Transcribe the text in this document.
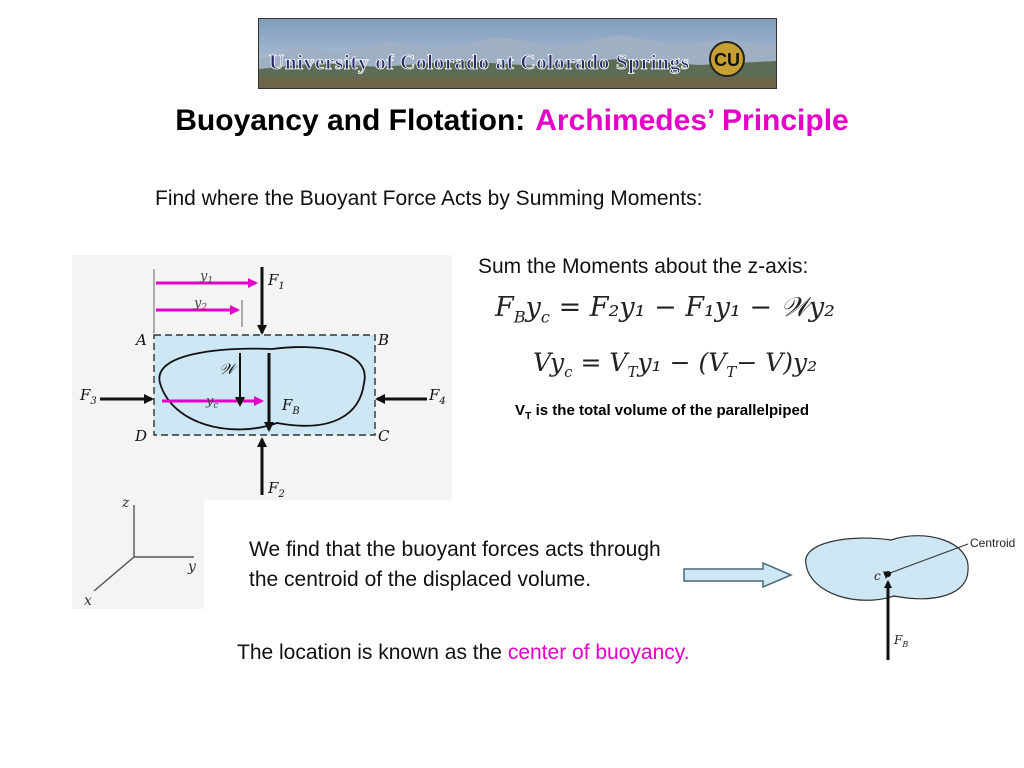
University of Colorado at Colorado Springs CU
Buoyancy and Flotation: Archimedes’ Principle
Find where the Buoyant Force Acts by Summing Moments:
$y_1$
$y_2$
$y_c$
$F_1$
$F_2$
$F_3$	$F_4$
$F_B$
𝒲
A	B
C
D
z
y
x
Sum the Moments about the z-axis:
$F_By_c = F_2y_1 - F_1y_1$ − 𝒲y₂
$Vy_c = V_Ty_1 - (V_T- V)y_2$
$V_T$ is the total volume of the parallelpiped
We find that the buoyant forces acts through
the centroid of the displaced volume.
Centroid
c
$F_B$
The location is known as the center of buoyancy.
